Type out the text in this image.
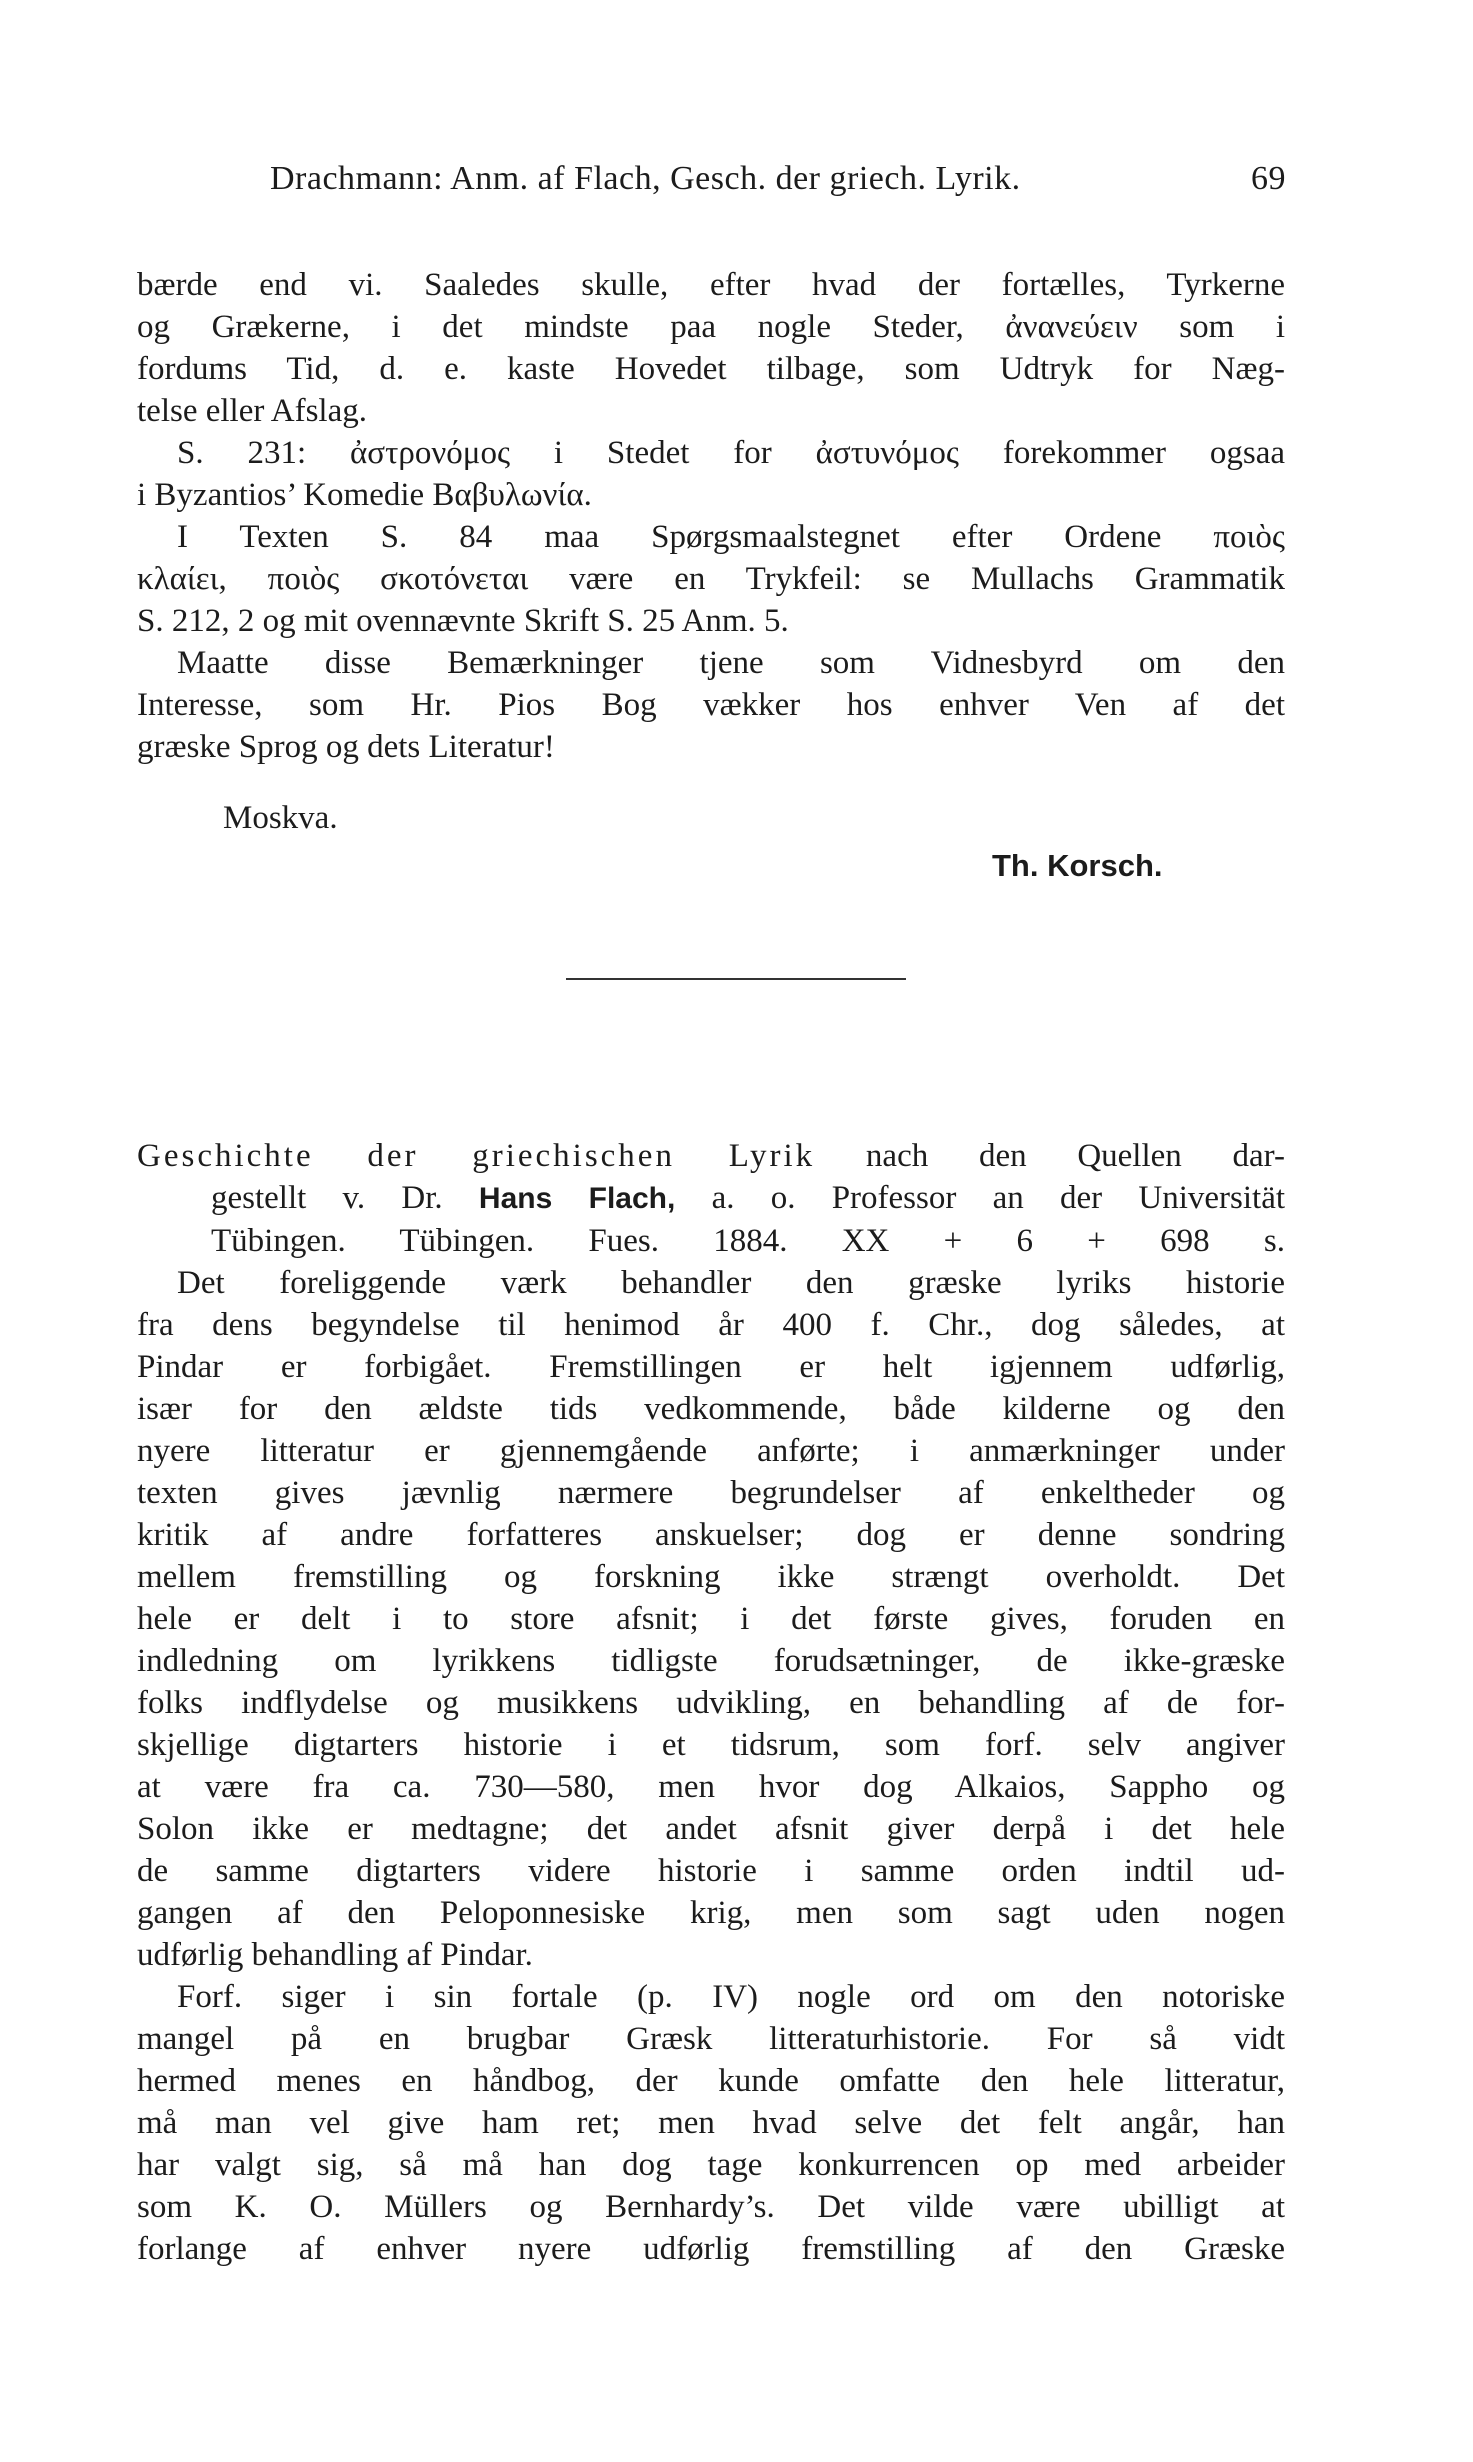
Drachmann: Anm. af Flach, Gesch. der griech. Lyrik.	69
bærde end vi. Saaledes skulle, efter hvad der fortælles, Tyrkerne
og Grækerne, i det mindste paa nogle Steder, ἀνανεύειν som i
fordums Tid, d. e. kaste Hovedet tilbage, som Udtryk for Næg-
telse eller Afslag.
S. 231: ἀστρονόμος i Stedet for ἀστυνόμος forekommer ogsaa
i Byzantios’ Komedie Βαβυλωνία.
I Texten S. 84 maa Spørgsmaalstegnet efter Ordene ποιὸς
κλαίει, ποιὸς σκοτόνεται være en Trykfeil: se Mullachs Grammatik
S. 212, 2 og mit ovennævnte Skrift S. 25 Anm. 5.
Maatte disse Bemærkninger tjene som Vidnesbyrd om den
Interesse, som Hr. Pios Bog vækker hos enhver Ven af det
græske Sprog og dets Literatur!
Moskva.
Th. Korsch.
Geschichte der griechischen Lyrik nach den Quellen dar-
gestellt v. Dr. Hans Flach, a. o. Professor an der Universität
Tübingen. Tübingen. Fues. 1884. XX + 6 + 698 s.
Det foreliggende værk behandler den græske lyriks historie
fra dens begyndelse til henimod år 400 f. Chr., dog således, at
Pindar er forbigået. Fremstillingen er helt igjennem udførlig,
især for den ældste tids vedkommende, både kilderne og den
nyere litteratur er gjennemgående anførte; i anmærkninger under
texten gives jævnlig nærmere begrundelser af enkeltheder og
kritik af andre forfatteres anskuelser; dog er denne sondring
mellem fremstilling og forskning ikke strængt overholdt. Det
hele er delt i to store afsnit; i det første gives, foruden en
indledning om lyrikkens tidligste forudsætninger, de ikke-græske
folks indflydelse og musikkens udvikling, en behandling af de for-
skjellige digtarters historie i et tidsrum, som forf. selv angiver
at være fra ca. 730—580, men hvor dog Alkaios, Sappho og
Solon ikke er medtagne; det andet afsnit giver derpå i det hele
de samme digtarters videre historie i samme orden indtil ud-
gangen af den Peloponnesiske krig, men som sagt uden nogen
udførlig behandling af Pindar.
Forf. siger i sin fortale (p. IV) nogle ord om den notoriske
mangel på en brugbar Græsk litteraturhistorie. For så vidt
hermed menes en håndbog, der kunde omfatte den hele litteratur,
må man vel give ham ret; men hvad selve det felt angår, han
har valgt sig, så må han dog tage konkurrencen op med arbeider
som K. O. Müllers og Bernhardy’s. Det vilde være ubilligt at
forlange af enhver nyere udførlig fremstilling af den Græske
